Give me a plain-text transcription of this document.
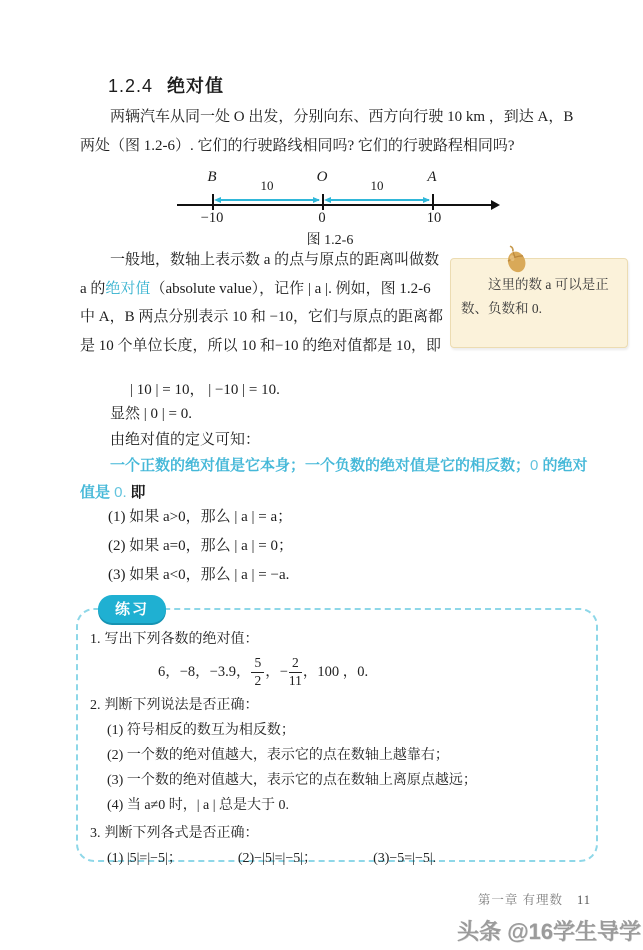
1.2.4 绝对值
两辆汽车从同一处 O 出发，分别向东、西方向行驶 10 km ，到达 A，B 两处（图 1.2-6）. 它们的行驶路线相同吗? 它们的行驶路程相同吗?
B	O	A
10	10
−10	0	10
图 1.2-6
一般地，数轴上表示数 a 的点与原点的距离叫做数 a 的绝对值（absolute value），记作 | a |. 例如，图 1.2-6 中 A，B 两点分别表示 10 和 −10，它们与原点的距离都是 10 个单位长度，所以 10 和−10 的绝对值都是 10，即
这里的数 a 可以是正数、负数和 0.
| 10 | = 10， | −10 | = 10.
显然 | 0 | = 0.
由绝对值的定义可知：
一个正数的绝对值是它本身；一个负数的绝对值是它的相反数；0 的绝对值是 0. 即
(1) 如果 a>0，那么 | a | = a；
(2) 如果 a=0，那么 | a | = 0；
(3) 如果 a<0，那么 | a | = −a.
练习
1. 写出下列各数的绝对值：
6，−8，−3.9， $\frac{5}{2}$ ， − $\frac{2}{11}$ ， 100 ，0.
2. 判断下列说法是否正确：
(1) 符号相反的数互为相反数；
(2) 一个数的绝对值越大，表示它的点在数轴上越靠右；
(3) 一个数的绝对值越大，表示它的点在数轴上离原点越远；
(4) 当 a≠0 时，| a | 总是大于 0.
3. 判断下列各式是否正确：
(1) |5|=|−5|；	(2)−|5|=|−5|；	(3)−5=|−5|.
第一章 有理数 11
头条 @16学生导学
